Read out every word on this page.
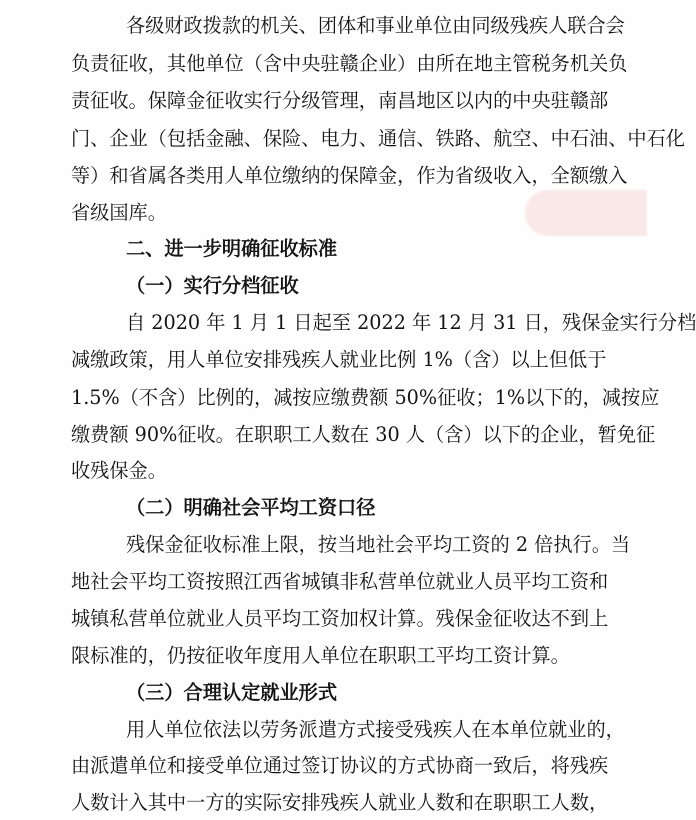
各级财政拨款的机关、团体和事业单位由同级残疾人联合会
负责征收，其他单位（含中央驻赣企业）由所在地主管税务机关负
责征收。保障金征收实行分级管理，南昌地区以内的中央驻赣部
门、企业（包括金融、保险、电力、通信、铁路、航空、中石油、中石化
等）和省属各类用人单位缴纳的保障金，作为省级收入，全额缴入
省级国库。
二、进一步明确征收标准
（一）实行分档征收
自 2020 年 1 月 1 日起至 2022 年 12 月 31 日，残保金实行分档
减缴政策，用人单位安排残疾人就业比例 1%（含）以上但低于
1.5%（不含）比例的，减按应缴费额 50%征收；1%以下的，减按应
缴费额 90%征收。在职职工人数在 30 人（含）以下的企业，暂免征
收残保金。
（二）明确社会平均工资口径
残保金征收标准上限，按当地社会平均工资的 2 倍执行。当
地社会平均工资按照江西省城镇非私营单位就业人员平均工资和
城镇私营单位就业人员平均工资加权计算。残保金征收达不到上
限标准的，仍按征收年度用人单位在职职工平均工资计算。
（三）合理认定就业形式
用人单位依法以劳务派遣方式接受残疾人在本单位就业的，
由派遣单位和接受单位通过签订协议的方式协商一致后，将残疾
人数计入其中一方的实际安排残疾人就业人数和在职职工人数，
